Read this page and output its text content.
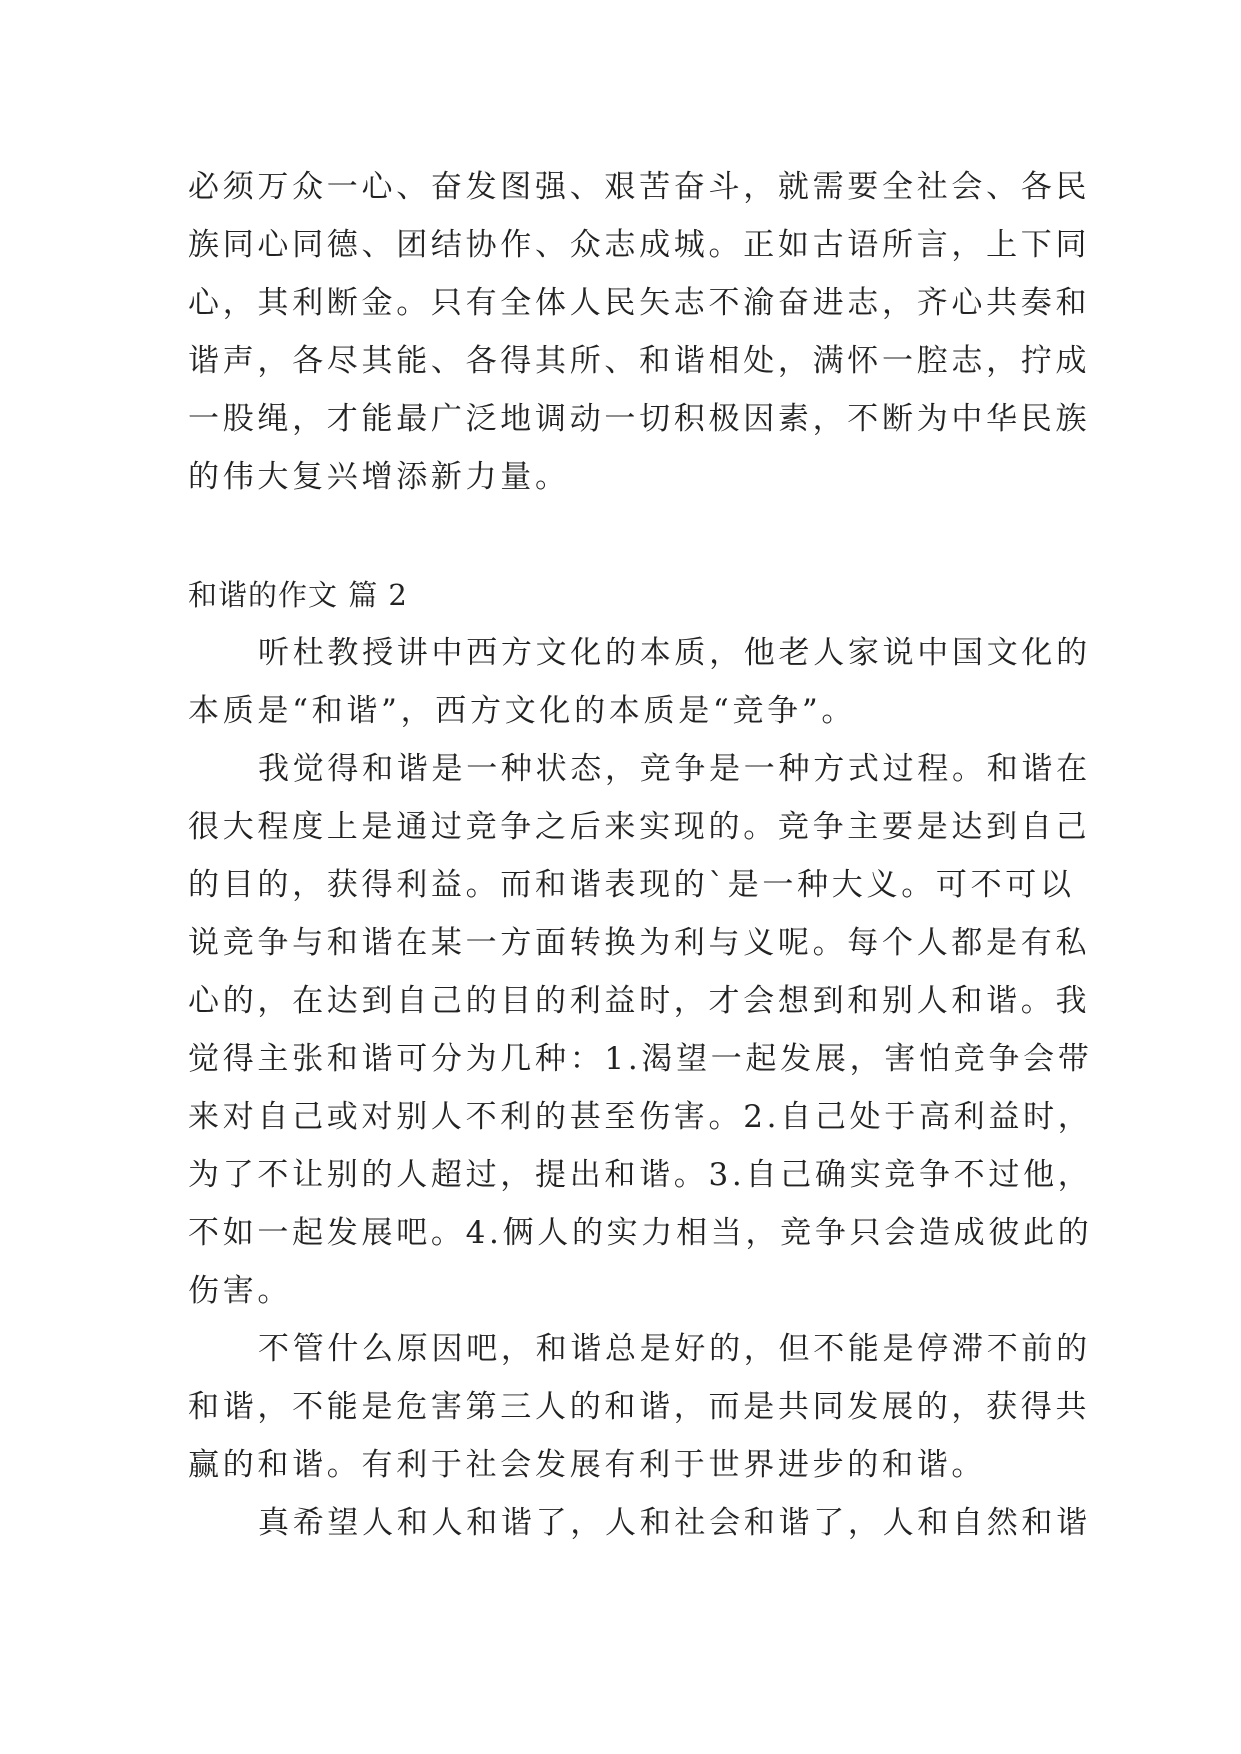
必须万众一心、奋发图强、艰苦奋斗，就需要全社会、各民
族同心同德、团结协作、众志成城。正如古语所言，上下同
心，其利断金。只有全体人民矢志不渝奋进志，齐心共奏和
谐声，各尽其能、各得其所、和谐相处，满怀一腔志，拧成
一股绳，才能最广泛地调动一切积极因素，不断为中华民族
的伟大复兴增添新力量。
和谐的作文 篇 2
听杜教授讲中西方文化的本质，他老人家说中国文化的
本质是“和谐”，西方文化的本质是“竞争”。
我觉得和谐是一种状态，竞争是一种方式过程。和谐在
很大程度上是通过竞争之后来实现的。竞争主要是达到自己
的目的，获得利益。而和谐表现的`是一种大义。可不可以
说竞争与和谐在某一方面转换为利与义呢。每个人都是有私
心的，在达到自己的目的利益时，才会想到和别人和谐。我
觉得主张和谐可分为几种：1.渴望一起发展，害怕竞争会带
来对自己或对别人不利的甚至伤害。2.自己处于高利益时，
为了不让别的人超过，提出和谐。3.自己确实竞争不过他，
不如一起发展吧。4.俩人的实力相当，竞争只会造成彼此的
伤害。
不管什么原因吧，和谐总是好的，但不能是停滞不前的
和谐，不能是危害第三人的和谐，而是共同发展的，获得共
赢的和谐。有利于社会发展有利于世界进步的和谐。
真希望人和人和谐了，人和社会和谐了，人和自然和谐
